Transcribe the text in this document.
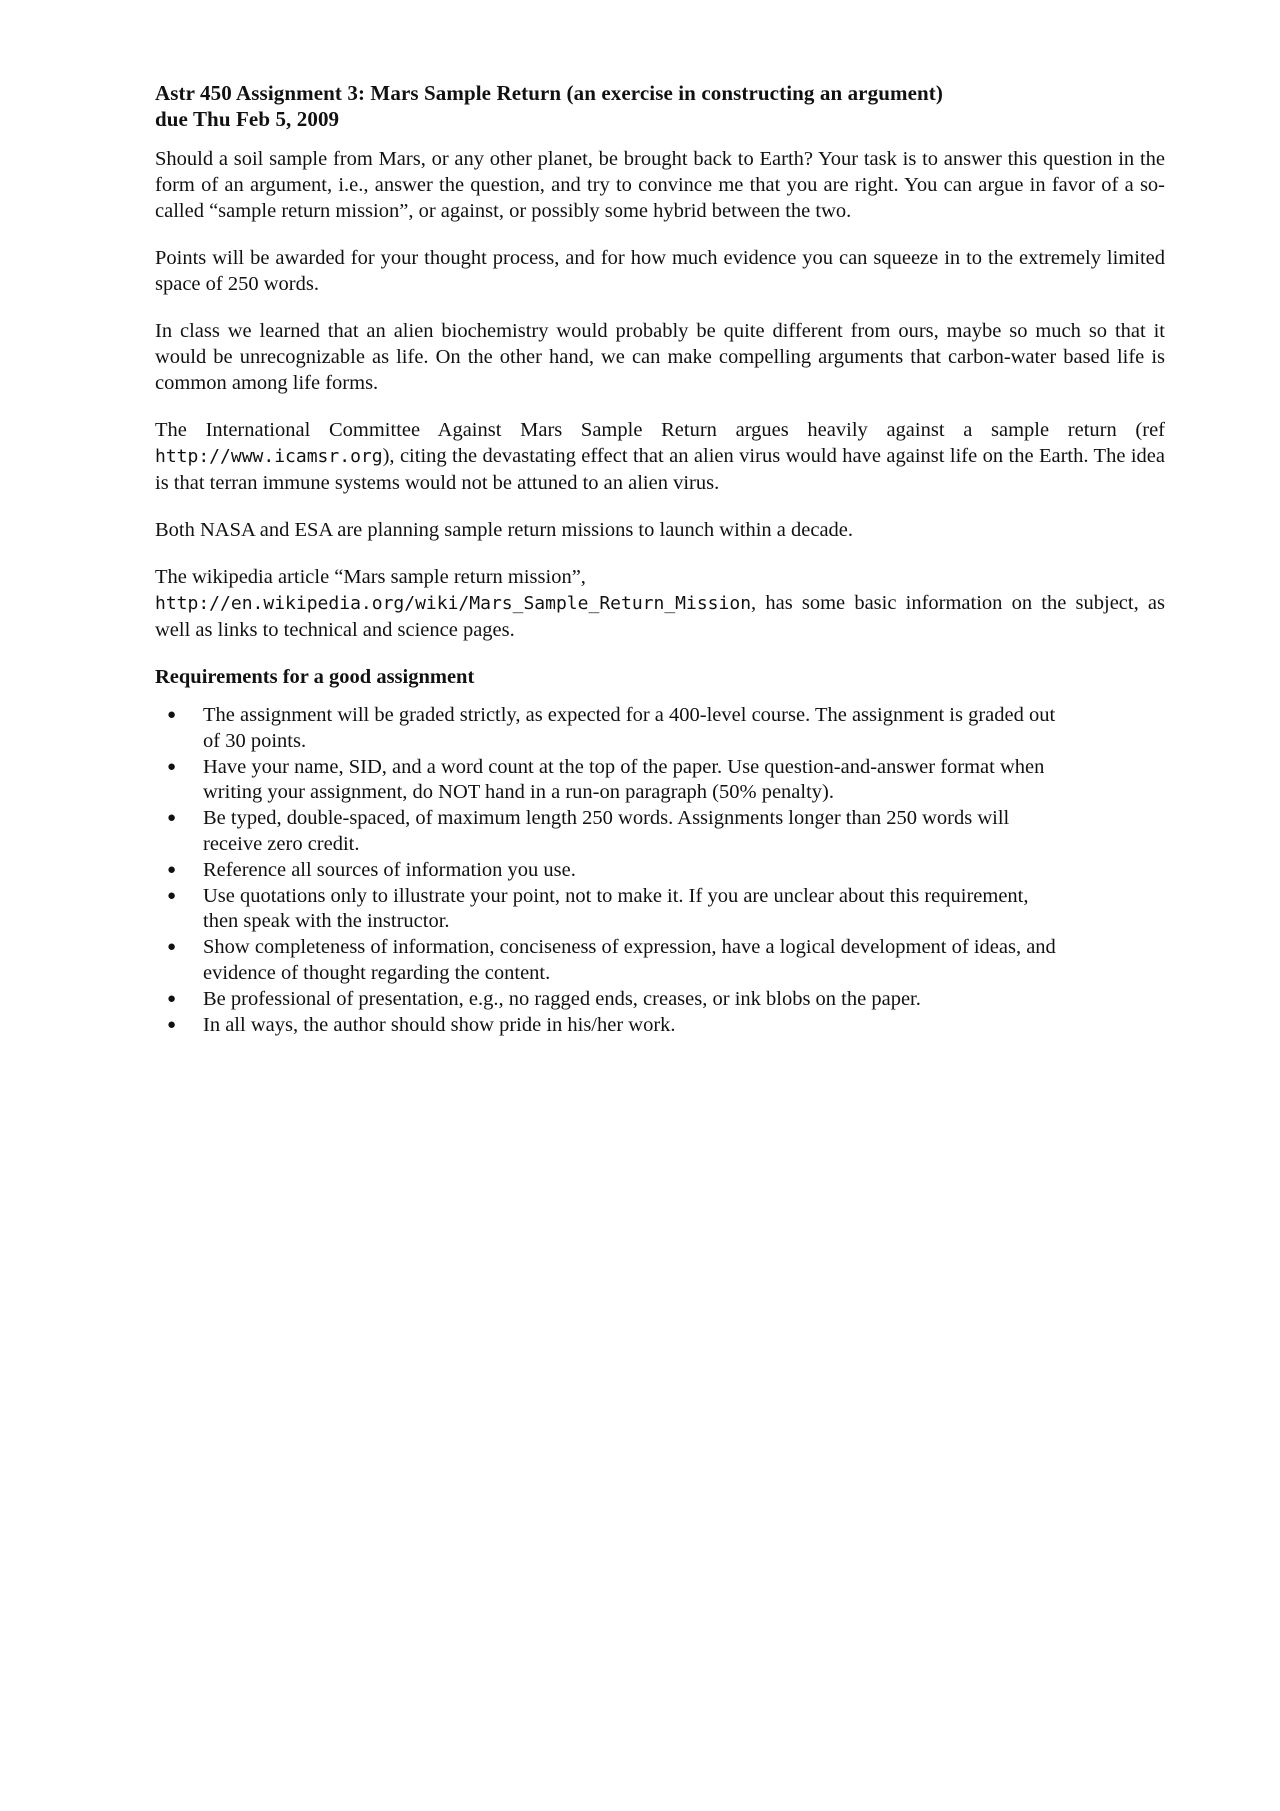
Astr 450 Assignment 3: Mars Sample Return (an exercise in constructing an argument)
due Thu Feb 5, 2009

Should a soil sample from Mars, or any other planet, be brought back to Earth? Your task is to answer this question in the form of an argument, i.e., answer the question, and try to convince me that you are right. You can argue in favor of a so-called “sample return mission”, or against, or possibly some hybrid between the two.

Points will be awarded for your thought process, and for how much evidence you can squeeze in to the extremely limited space of 250 words.

In class we learned that an alien biochemistry would probably be quite different from ours, maybe so much so that it would be unrecognizable as life. On the other hand, we can make compelling arguments that carbon-water based life is common among life forms.

The International Committee Against Mars Sample Return argues heavily against a sample return (ref http://www.icamsr.org), citing the devastating effect that an alien virus would have against life on the Earth. The idea is that terran immune systems would not be attuned to an alien virus.

Both NASA and ESA are planning sample return missions to launch within a decade.

The wikipedia article “Mars sample return mission”,
http://en.wikipedia.org/wiki/Mars_Sample_Return_Mission, has some basic information on the subject, as well as links to technical and science pages.

Requirements for a good assignment
● The assignment will be graded strictly, as expected for a 400-level course. The assignment is graded out of 30 points.
● Have your name, SID, and a word count at the top of the paper. Use question-and-answer format when writing your assignment, do NOT hand in a run-on paragraph (50% penalty).
● Be typed, double-spaced, of maximum length 250 words. Assignments longer than 250 words will receive zero credit.
● Reference all sources of information you use.
● Use quotations only to illustrate your point, not to make it. If you are unclear about this requirement, then speak with the instructor.
● Show completeness of information, conciseness of expression, have a logical development of ideas, and evidence of thought regarding the content.
● Be professional of presentation, e.g., no ragged ends, creases, or ink blobs on the paper.
● In all ways, the author should show pride in his/her work.
